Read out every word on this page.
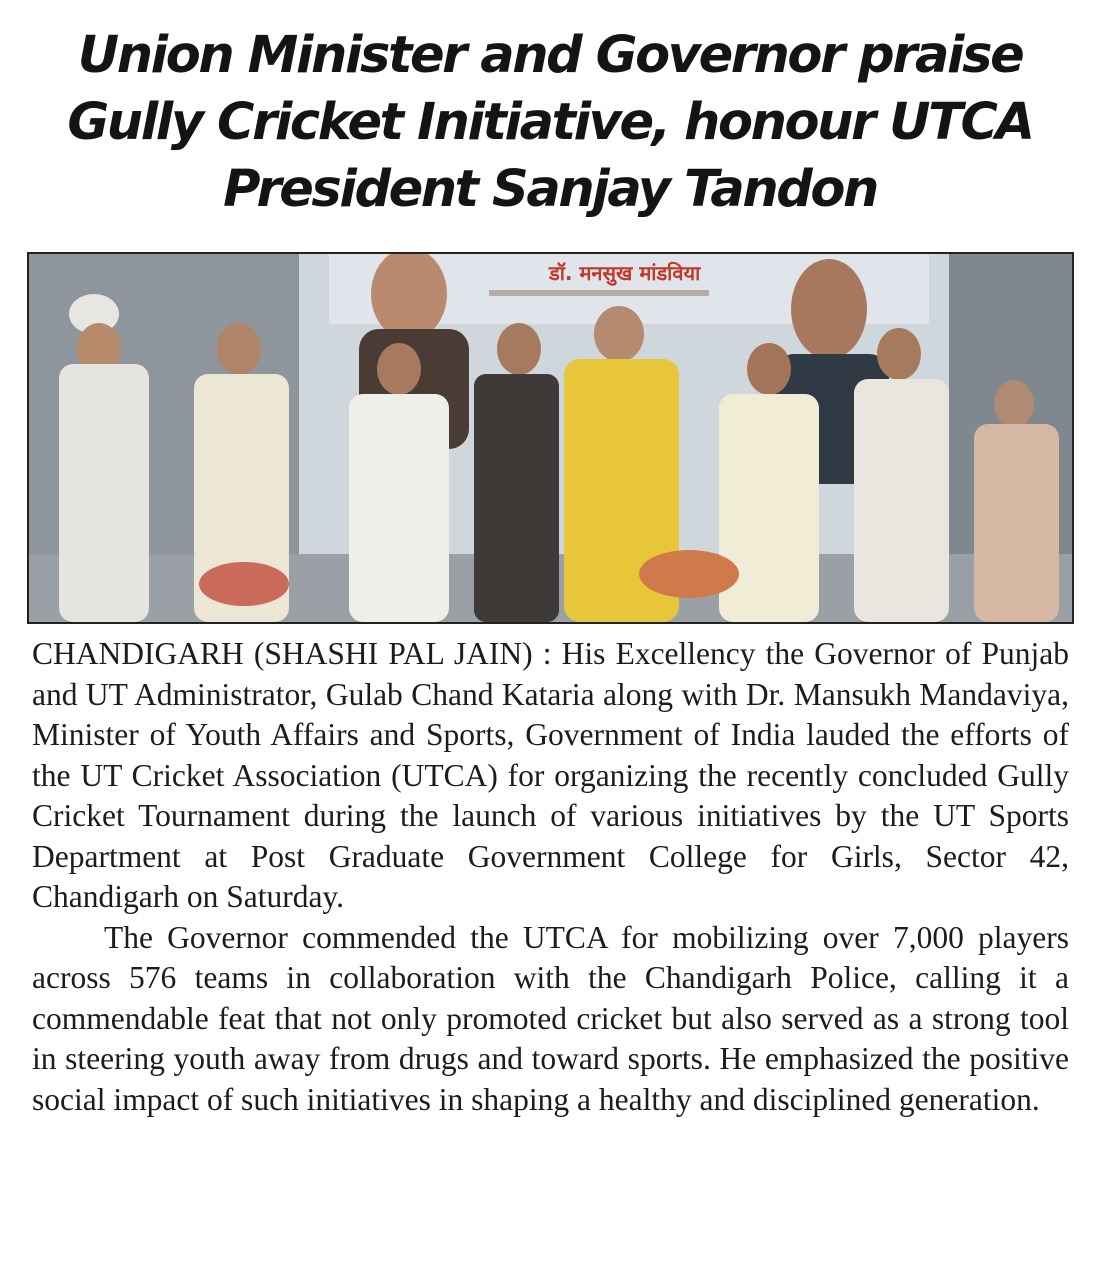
Union Minister and Governor praise
Gully Cricket Initiative, honour UTCA
President Sanjay Tandon
डॉ. मनसुख मांडविया

CHANDIGARH (SHASHI PAL JAIN) : His Excellency the Governor of Punjab and UT Administrator, Gulab Chand Kataria along with Dr. Mansukh Mandaviya, Minister of Youth Affairs and Sports, Government of India lauded the efforts of the UT Cricket Association (UTCA) for organizing the recently concluded Gully Cricket Tournament during the launch of various initiatives by the UT Sports Department at Post Graduate Government College for Girls, Sector 42, Chandigarh on Saturday.

The Governor commended the UTCA for mobilizing over 7,000 players across 576 teams in collaboration with the Chandigarh Police, calling it a commendable feat that not only promoted cricket but also served as a strong tool in steering youth away from drugs and toward sports. He emphasized the positive social impact of such initiatives in shaping a healthy and disciplined generation.
